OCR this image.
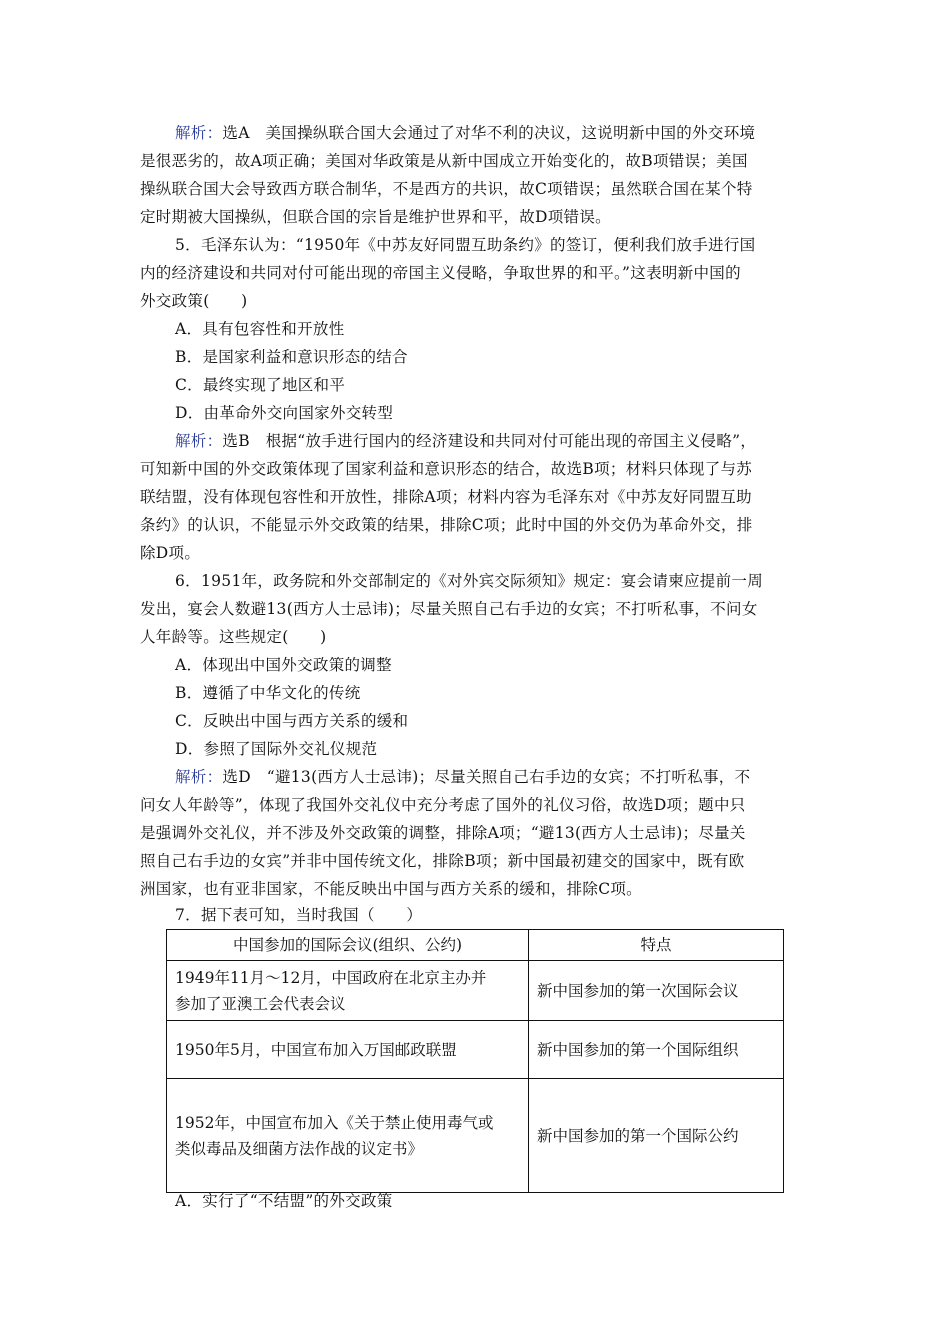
解析：选A　美国操纵联合国大会通过了对华不利的决议，这说明新中国的外交环境
是很恶劣的，故A项正确；美国对华政策是从新中国成立开始变化的，故B项错误；美国
操纵联合国大会导致西方联合制华，不是西方的共识，故C项错误；虽然联合国在某个特
定时期被大国操纵，但联合国的宗旨是维护世界和平，故D项错误。
5．毛泽东认为：“1950年《中苏友好同盟互助条约》的签订，便利我们放手进行国
内的经济建设和共同对付可能出现的帝国主义侵略，争取世界的和平。”这表明新中国的
外交政策(　　)
A．具有包容性和开放性
B．是国家利益和意识形态的结合
C．最终实现了地区和平
D．由革命外交向国家外交转型
解析：选B　根据“放手进行国内的经济建设和共同对付可能出现的帝国主义侵略”，
可知新中国的外交政策体现了国家利益和意识形态的结合，故选B项；材料只体现了与苏
联结盟，没有体现包容性和开放性，排除A项；材料内容为毛泽东对《中苏友好同盟互助
条约》的认识，不能显示外交政策的结果，排除C项；此时中国的外交仍为革命外交，排
除D项。
6．1951年，政务院和外交部制定的《对外宾交际须知》规定：宴会请柬应提前一周
发出，宴会人数避13(西方人士忌讳)；尽量关照自己右手边的女宾；不打听私事，不问女
人年龄等。这些规定(　　)
A．体现出中国外交政策的调整
B．遵循了中华文化的传统
C．反映出中国与西方关系的缓和
D．参照了国际外交礼仪规范
解析：选D　“避13(西方人士忌讳)；尽量关照自己右手边的女宾；不打听私事，不
问女人年龄等”，体现了我国外交礼仪中充分考虑了国外的礼仪习俗，故选D项；题中只
是强调外交礼仪，并不涉及外交政策的调整，排除A项；“避13(西方人士忌讳)；尽量关
照自己右手边的女宾”并非中国传统文化，排除B项；新中国最初建交的国家中，既有欧
洲国家，也有亚非国家，不能反映出中国与西方关系的缓和，排除C项。
7．据下表可知，当时我国（　　）
中国参加的国际会议(组织、公约)	特点

1949年11月～12月，中国政府在北京主办并
参加了亚澳工会代表会议	新中国参加的第一次国际会议

1950年5月，中国宣布加入万国邮政联盟	新中国参加的第一个国际组织

1952年，中国宣布加入《关于禁止使用毒气或
类似毒品及细菌方法作战的议定书》	新中国参加的第一个国际公约
A．实行了“不结盟”的外交政策
